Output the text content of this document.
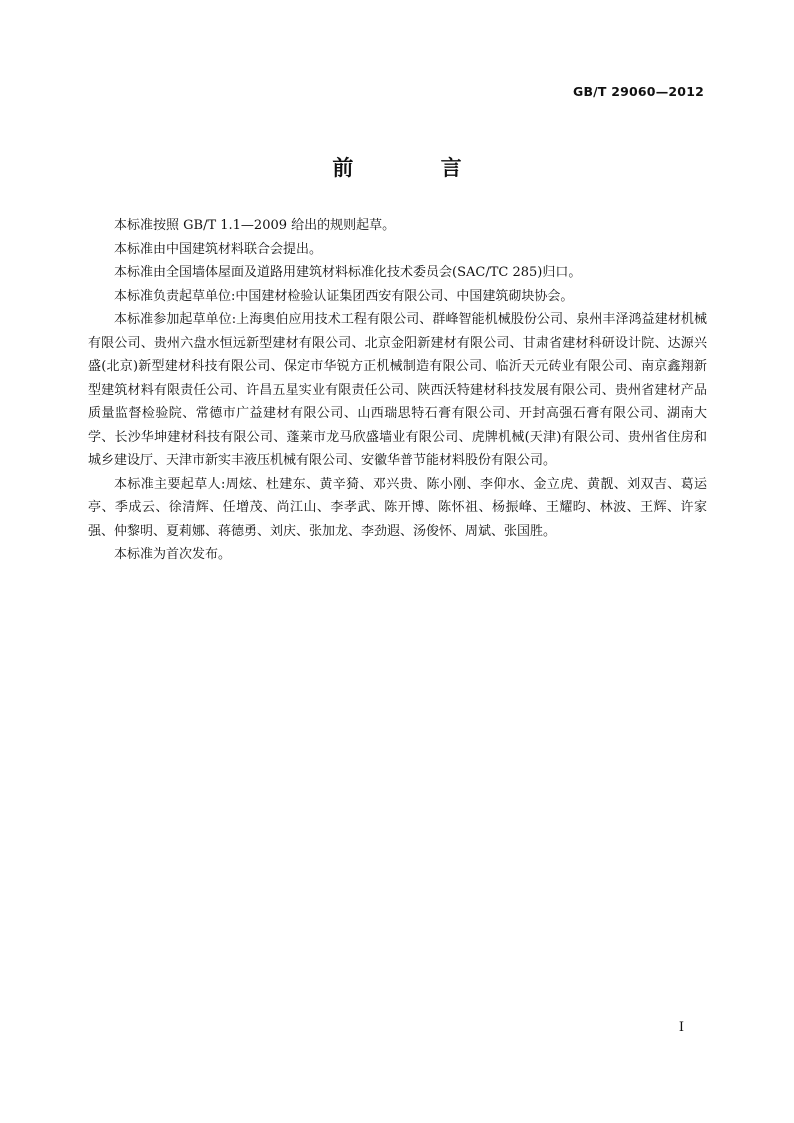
GB/T 29060—2012
前 言

本标准按照 GB/T 1.1—2009 给出的规则起草。

本标准由中国建筑材料联合会提出。

本标准由全国墙体屋面及道路用建筑材料标准化技术委员会(SAC/TC 285)归口。

本标准负责起草单位:中国建材检验认证集团西安有限公司、中国建筑砌块协会。

本标准参加起草单位:上海奥伯应用技术工程有限公司、群峰智能机械股份公司、泉州丰泽鸿益建材机械有限公司、贵州六盘水恒远新型建材有限公司、北京金阳新建材有限公司、甘肃省建材科研设计院、达源兴盛(北京)新型建材科技有限公司、保定市华锐方正机械制造有限公司、临沂天元砖业有限公司、南京鑫翔新型建筑材料有限责任公司、许昌五星实业有限责任公司、陕西沃特建材科技发展有限公司、贵州省建材产品质量监督检验院、常德市广益建材有限公司、山西瑞思特石膏有限公司、开封高强石膏有限公司、湖南大学、长沙华坤建材科技有限公司、蓬莱市龙马欣盛墙业有限公司、虎牌机械(天津)有限公司、贵州省住房和城乡建设厅、天津市新实丰液压机械有限公司、安徽华普节能材料股份有限公司。

本标准主要起草人:周炫、杜建东、黄辛猗、邓兴贵、陈小刚、李仰水、金立虎、黄靓、刘双吉、葛运亭、季成云、徐清辉、任增茂、尚江山、李孝武、陈开博、陈怀祖、杨振峰、王耀昀、林波、王辉、许家强、仲黎明、夏莉娜、蒋德勇、刘庆、张加龙、李劲遐、汤俊怀、周斌、张国胜。

本标准为首次发布。

I
